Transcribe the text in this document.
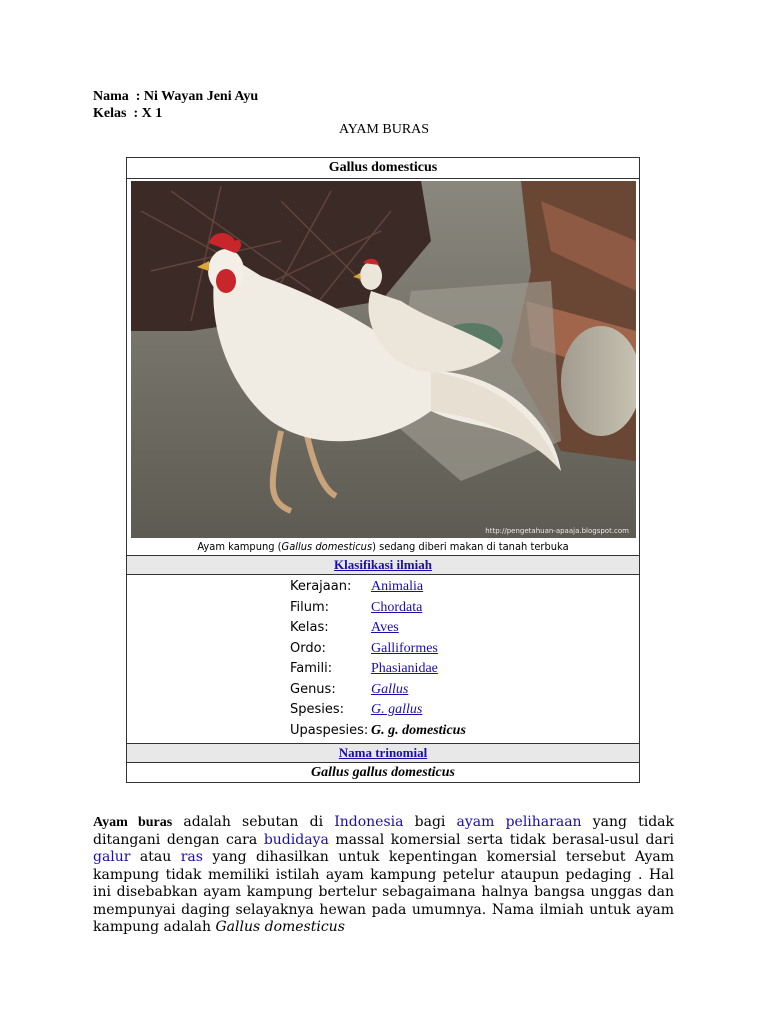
Nama  : Ni Wayan Jeni Ayu
Kelas  : X 1
AYAM BURAS
Gallus domesticus
http://pengetahuan-apaaja.blogspot.com
Ayam kampung (Gallus domesticus) sedang diberi makan di tanah terbuka
Klasifikasi ilmiah
Kerajaan:	Animalia
Filum:	Chordata
Kelas:	Aves
Ordo:	Galliformes
Famili:	Phasianidae
Genus:	Gallus
Spesies:	G. gallus
Upaspesies: G. g. domesticus
Nama trinomial
Gallus gallus domesticus
Ayam buras adalah sebutan di Indonesia bagi ayam peliharaan yang tidak ditangani dengan cara budidaya massal komersial serta tidak berasal-usul dari galur atau ras yang dihasilkan untuk kepentingan komersial tersebut Ayam kampung tidak memiliki istilah ayam kampung petelur ataupun pedaging . Hal ini disebabkan ayam kampung bertelur sebagaimana halnya bangsa unggas dan mempunyai daging selayaknya hewan pada umumnya. Nama ilmiah untuk ayam kampung adalah Gallus domesticus
